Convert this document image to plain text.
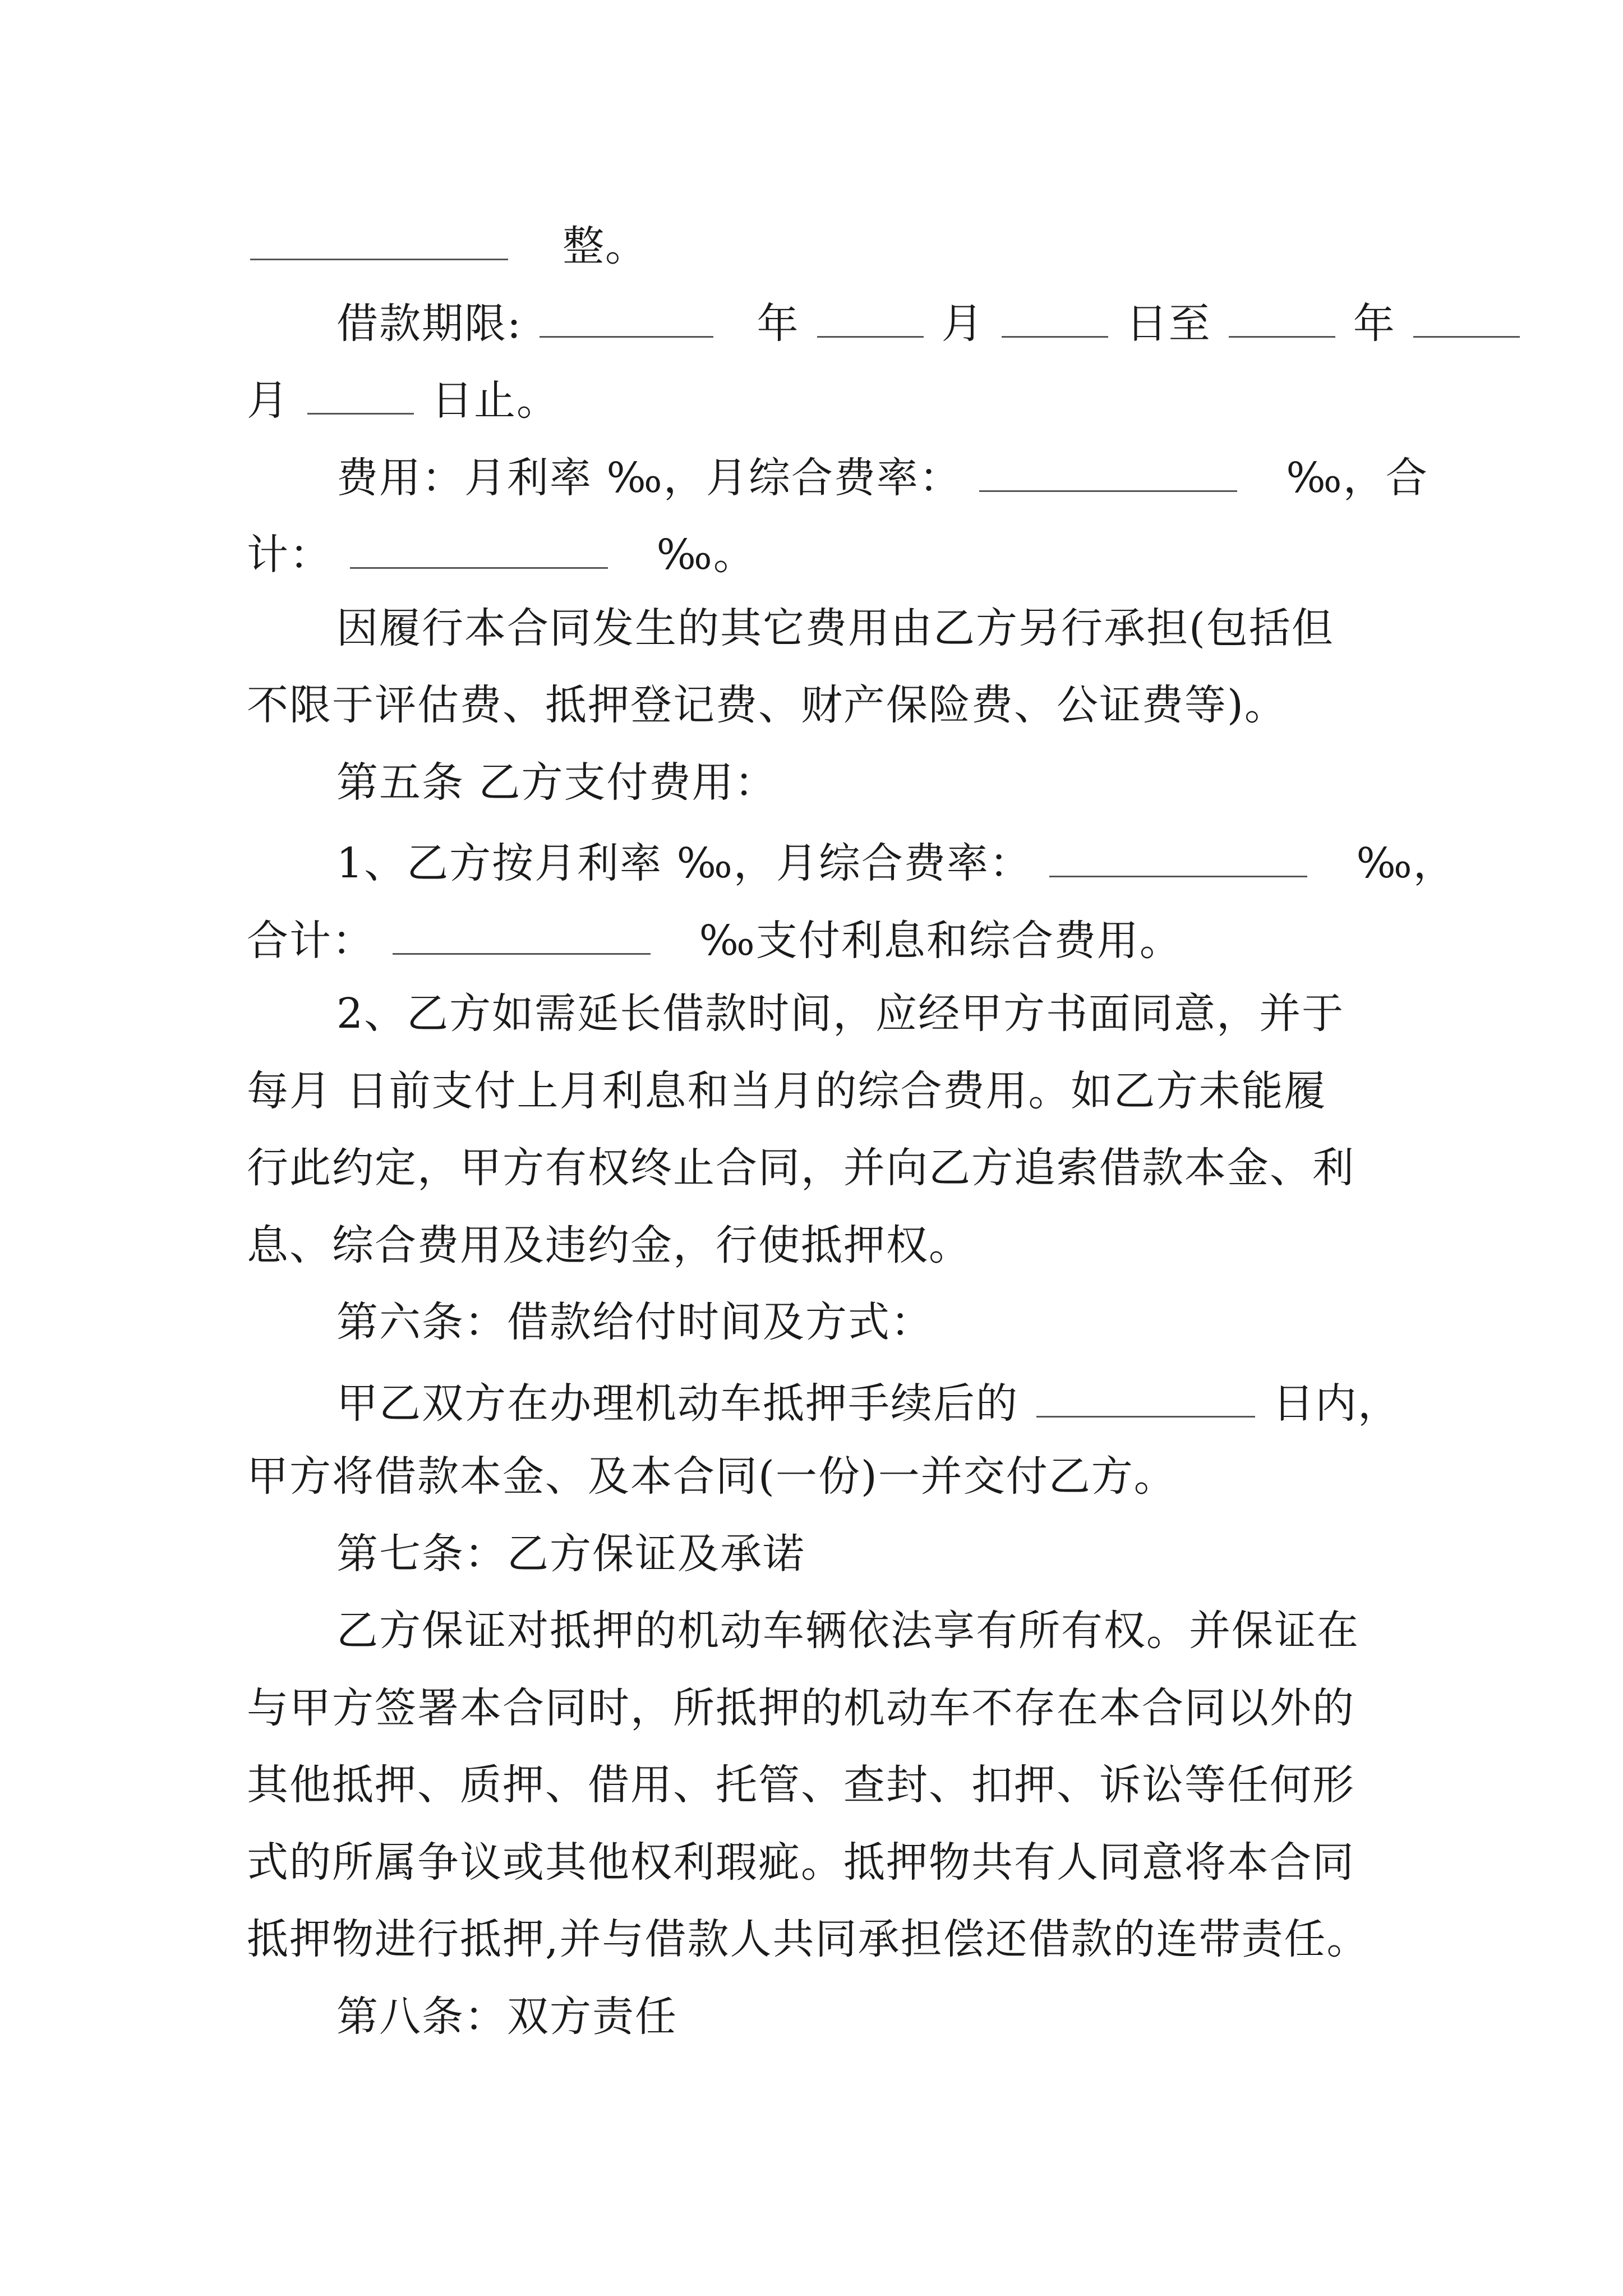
整。
借款期限:	年	月	日至	年
月	日止。
费用：月利率 ‰，月综合费率：	‰，合
计：	‰。
因履行本合同发生的其它费用由乙方另行承担(包括但
不限于评估费、抵押登记费、财产保险费、公证费等)。
第五条 乙方支付费用：
1、乙方按月利率 ‰，月综合费率：	‰，
合计：	‰支付利息和综合费用。
2、乙方如需延长借款时间，应经甲方书面同意，并于
每月 日前支付上月利息和当月的综合费用。如乙方未能履
行此约定，甲方有权终止合同，并向乙方追索借款本金、利
息、综合费用及违约金，行使抵押权。
第六条：借款给付时间及方式：
甲乙双方在办理机动车抵押手续后的	日内，
甲方将借款本金、及本合同(一份)一并交付乙方。
第七条：乙方保证及承诺
乙方保证对抵押的机动车辆依法享有所有权。并保证在
与甲方签署本合同时，所抵押的机动车不存在本合同以外的
其他抵押、质押、借用、托管、查封、扣押、诉讼等任何形
式的所属争议或其他权利瑕疵。抵押物共有人同意将本合同
抵押物进行抵押,并与借款人共同承担偿还借款的连带责任。
第八条：双方责任
